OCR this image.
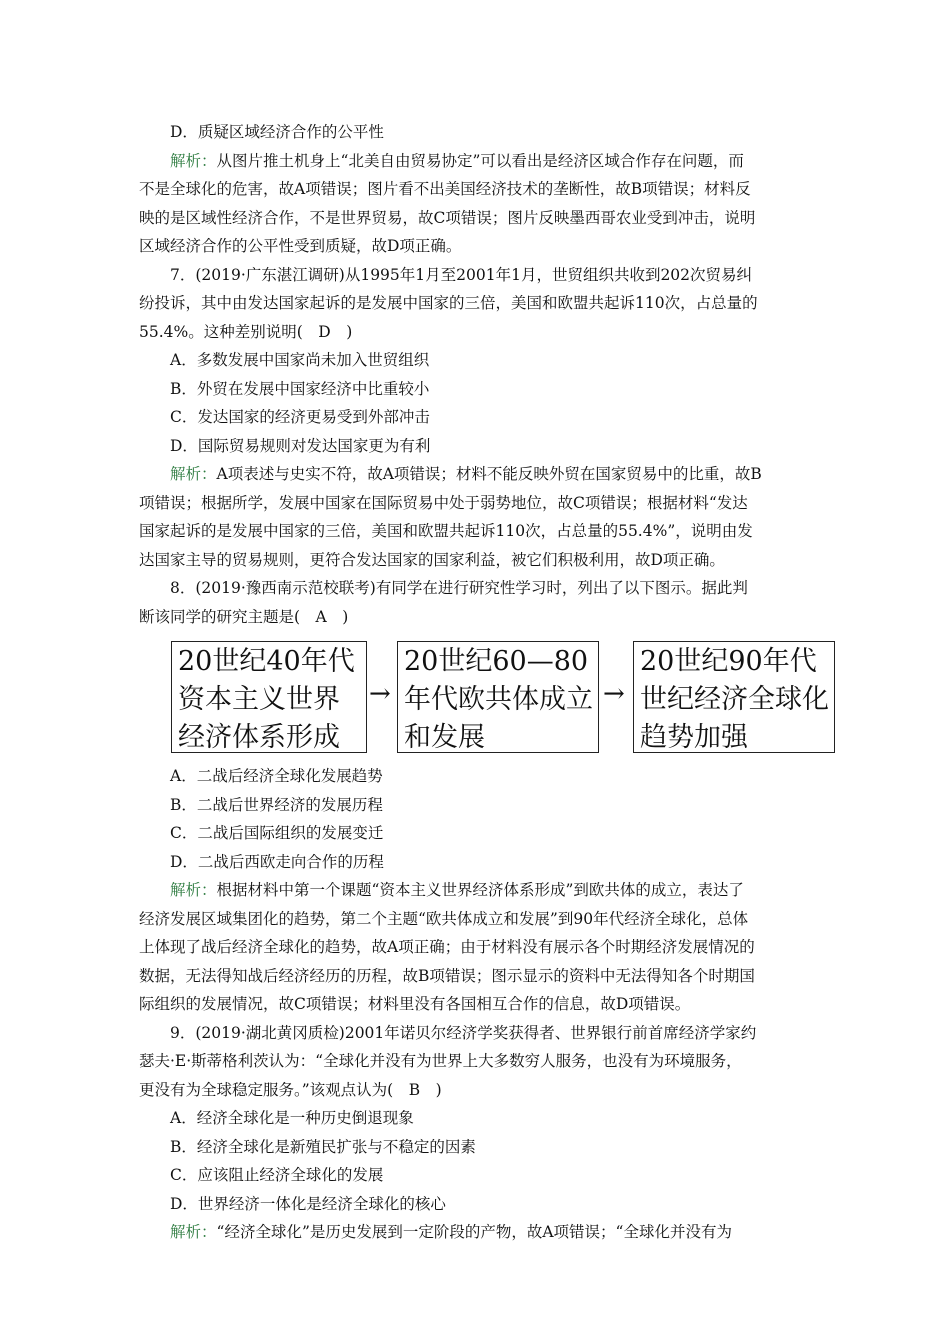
D．质疑区域经济合作的公平性
解析：从图片推土机身上“北美自由贸易协定”可以看出是经济区域合作存在问题，而
不是全球化的危害，故A项错误；图片看不出美国经济技术的垄断性，故B项错误；材料反
映的是区域性经济合作，不是世界贸易，故C项错误；图片反映墨西哥农业受到冲击，说明
区域经济合作的公平性受到质疑，故D项正确。
7．(2019·广东湛江调研)从1995年1月至2001年1月，世贸组织共收到202次贸易纠
纷投诉，其中由发达国家起诉的是发展中国家的三倍，美国和欧盟共起诉110次，占总量的
55.4%。这种差别说明(　D　)
A．多数发展中国家尚未加入世贸组织
B．外贸在发展中国家经济中比重较小
C．发达国家的经济更易受到外部冲击
D．国际贸易规则对发达国家更为有利
解析：A项表述与史实不符，故A项错误；材料不能反映外贸在国家贸易中的比重，故B
项错误；根据所学，发展中国家在国际贸易中处于弱势地位，故C项错误；根据材料“发达
国家起诉的是发展中国家的三倍，美国和欧盟共起诉110次，占总量的55.4%”，说明由发
达国家主导的贸易规则，更符合发达国家的国家利益，被它们积极利用，故D项正确。
8．(2019·豫西南示范校联考)有同学在进行研究性学习时，列出了以下图示。据此判
断该同学的研究主题是(　A　)
20世纪40年代
资本主义世界
经济体系形成
→
20世纪60—80
年代欧共体成立
和发展
→
20世纪90年代
世纪经济全球化
趋势加强
A．二战后经济全球化发展趋势
B．二战后世界经济的发展历程
C．二战后国际组织的发展变迁
D．二战后西欧走向合作的历程
解析：根据材料中第一个课题“资本主义世界经济体系形成”到欧共体的成立，表达了
经济发展区域集团化的趋势，第二个主题“欧共体成立和发展”到90年代经济全球化，总体
上体现了战后经济全球化的趋势，故A项正确；由于材料没有展示各个时期经济发展情况的
数据，无法得知战后经济经历的历程，故B项错误；图示显示的资料中无法得知各个时期国
际组织的发展情况，故C项错误；材料里没有各国相互合作的信息，故D项错误。
9．(2019·湖北黄冈质检)2001年诺贝尔经济学奖获得者、世界银行前首席经济学家约
瑟夫·E·斯蒂格利茨认为：“全球化并没有为世界上大多数穷人服务，也没有为环境服务，
更没有为全球稳定服务。”该观点认为(　B　)
A．经济全球化是一种历史倒退现象
B．经济全球化是新殖民扩张与不稳定的因素
C．应该阻止经济全球化的发展
D．世界经济一体化是经济全球化的核心
解析：“经济全球化”是历史发展到一定阶段的产物，故A项错误；“全球化并没有为
